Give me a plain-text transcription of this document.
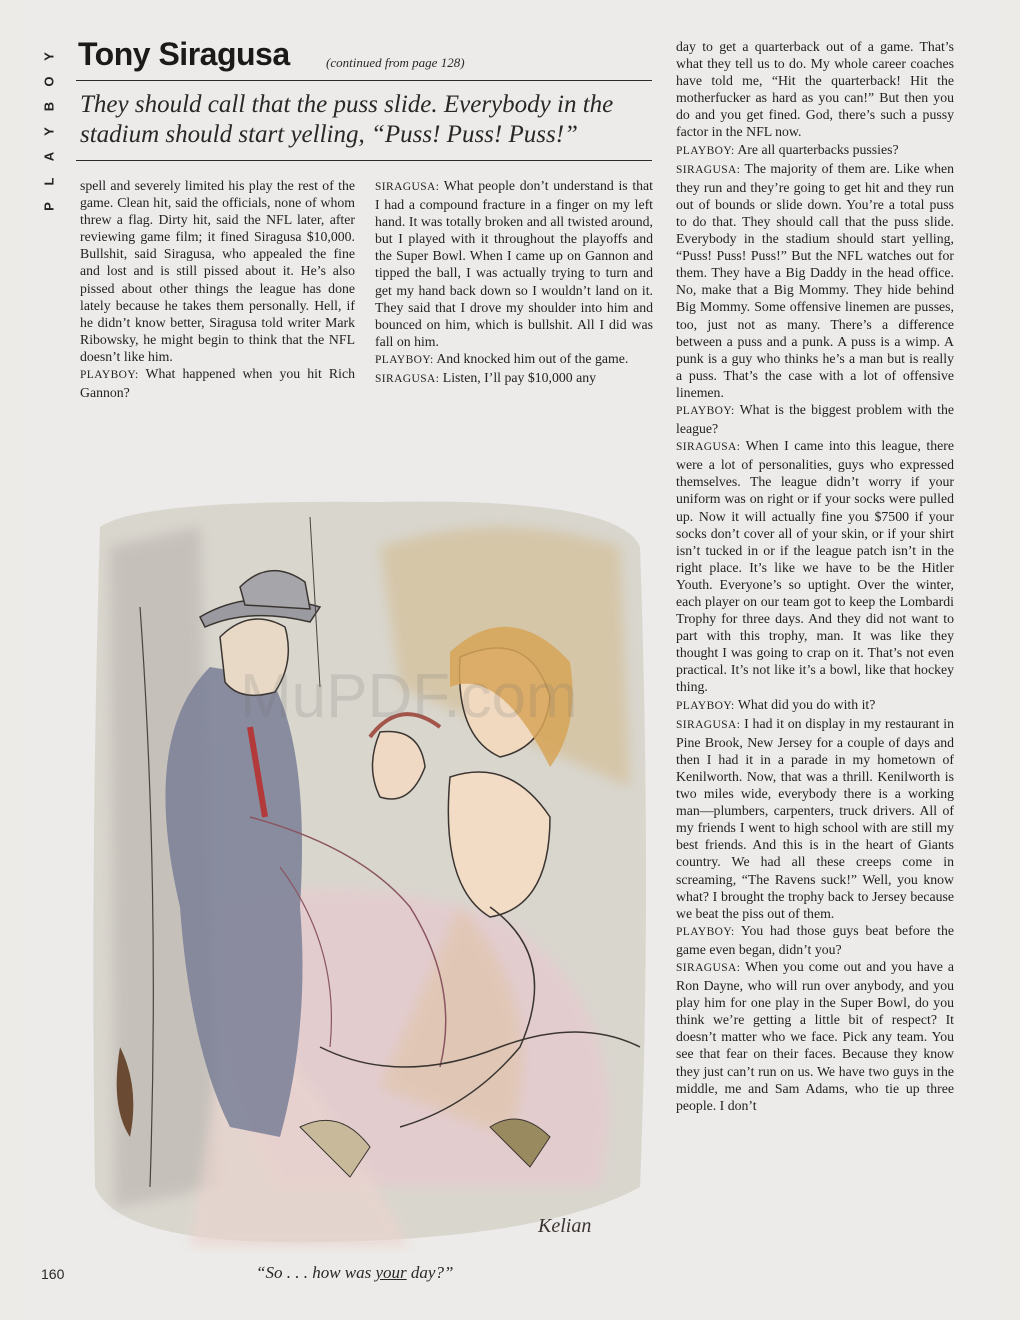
Y
O
B
Y
A
L
P
Tony Siragusa	(continued from page 128)
They should call that the puss slide. Everybody in the stadium should start yelling, “Puss! Puss! Puss!”

spell and severely limited his play the rest of the game. Clean hit, said the officials, none of whom threw a flag. Dirty hit, said the NFL later, after reviewing game film; it fined Siragusa $10,000. Bullshit, said Siragusa, who appealed the fine and lost and is still pissed about it. He’s also pissed about other things the league has done lately because he takes them personally. Hell, if he didn’t know better, Siragusa told writer Mark Ribowsky, he might begin to think that the NFL doesn’t like him.

PLAYBOY: What happened when you hit Rich Gannon?

SIRAGUSA: What people don’t understand is that I had a compound fracture in a finger on my left hand. It was totally broken and all twisted around, but I played with it throughout the playoffs and the Super Bowl. When I came up on Gannon and tipped the ball, I was actually trying to turn and get my hand back down so I wouldn’t land on it. They said that I drove my shoulder into him and bounced on him, which is bullshit. All I did was fall on him.

PLAYBOY: And knocked him out of the game.

SIRAGUSA: Listen, I’ll pay $10,000 any

day to get a quarterback out of a game. That’s what they tell us to do. My whole career coaches have told me, “Hit the quarterback! Hit the motherfucker as hard as you can!” But then you do and you get fined. God, there’s such a pussy factor in the NFL now.

PLAYBOY: Are all quarterbacks pussies?

SIRAGUSA: The majority of them are. Like when they run and they’re going to get hit and they run out of bounds or slide down. You’re a total puss to do that. They should call that the puss slide. Everybody in the stadium should start yelling, “Puss! Puss! Puss!” But the NFL watches out for them. They have a Big Daddy in the head office. No, make that a Big Mommy. They hide behind Big Mommy. Some offensive linemen are pusses, too, just not as many. There’s a difference between a puss and a punk. A puss is a wimp. A punk is a guy who thinks he’s a man but is really a puss. That’s the case with a lot of offensive linemen.

PLAYBOY: What is the biggest problem with the league?

SIRAGUSA: When I came into this league, there were a lot of personalities, guys who expressed themselves. The league didn’t worry if your uniform was on right or if your socks were pulled up. Now it will actually fine you $7500 if your socks don’t cover all of your skin, or if your shirt isn’t tucked in or if the league patch isn’t in the right place. It’s like we have to be the Hitler Youth. Everyone’s so uptight. Over the winter, each player on our team got to keep the Lombardi Trophy for three days. And they did not want to part with this trophy, man. It was like they thought I was going to crap on it. That’s not even practical. It’s not like it’s a bowl, like that hockey thing.

PLAYBOY: What did you do with it?

SIRAGUSA: I had it on display in my restaurant in Pine Brook, New Jersey for a couple of days and then I had it in a parade in my hometown of Kenilworth. Now, that was a thrill. Kenilworth is two miles wide, everybody there is a working man—plumbers, carpenters, truck drivers. All of my friends I went to high school with are still my best friends. And this is in the heart of Giants country. We had all these creeps come in screaming, “The Ravens suck!” Well, you know what? I brought the trophy back to Jersey because we beat the piss out of them.

PLAYBOY: You had those guys beat before the game even began, didn’t you?

SIRAGUSA: When you come out and you have a Ron Dayne, who will run over anybody, and you play him for one play in the Super Bowl, do you think we’re getting a little bit of respect? It doesn’t matter who we face. Pick any team. You see that fear on their faces. Because they know they just can’t run on us. We have two guys in the middle, me and Sam Adams, who tie up three people. I don’t

Kelian
MuPDF.com
“So . . . how was your day?”
160
